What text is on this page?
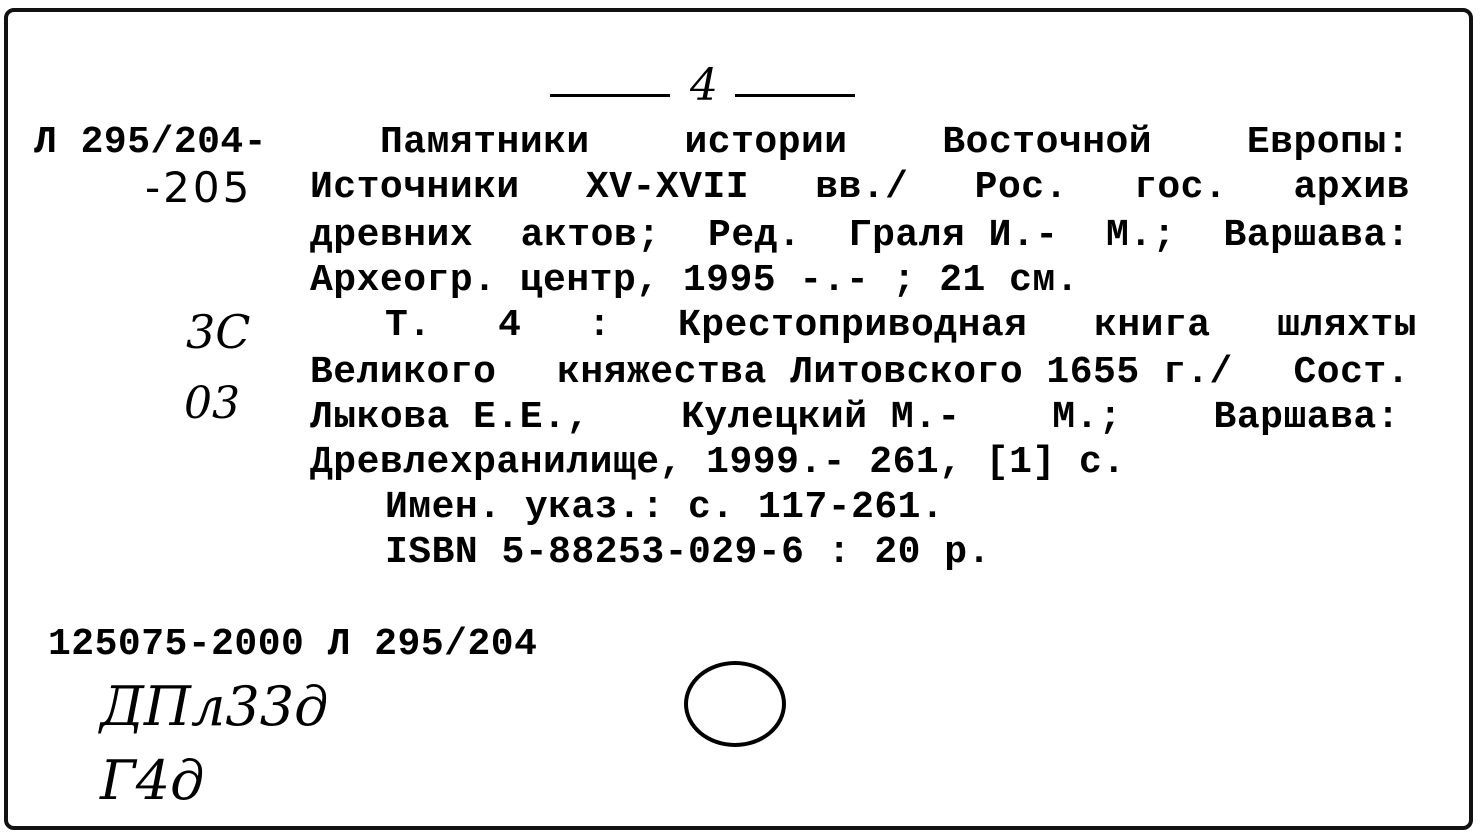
4
Л 295/204-
-205
3С
03
Памятники истории Восточной Европы:
Источники XV-XVII вв./ Рос. гос. архив
древних актов; Ред. Граля И.- М.; Варшава:
Археогр. центр, 1995 -.- ; 21 см.
Т. 4 : Крестоприводная книга шляхты
Великого княжества Литовского 1655 г./ Сост.
Лыкова Е.Е., Кулецкий М.- М.; Варшава:
Древлехранилище, 1999.- 261, [1] с.
Имен. указ.: с. 117-261.
ISBN 5-88253-029-6 : 20 р.
125075-2000 Л 295/204
ДПл33д
Г4д
